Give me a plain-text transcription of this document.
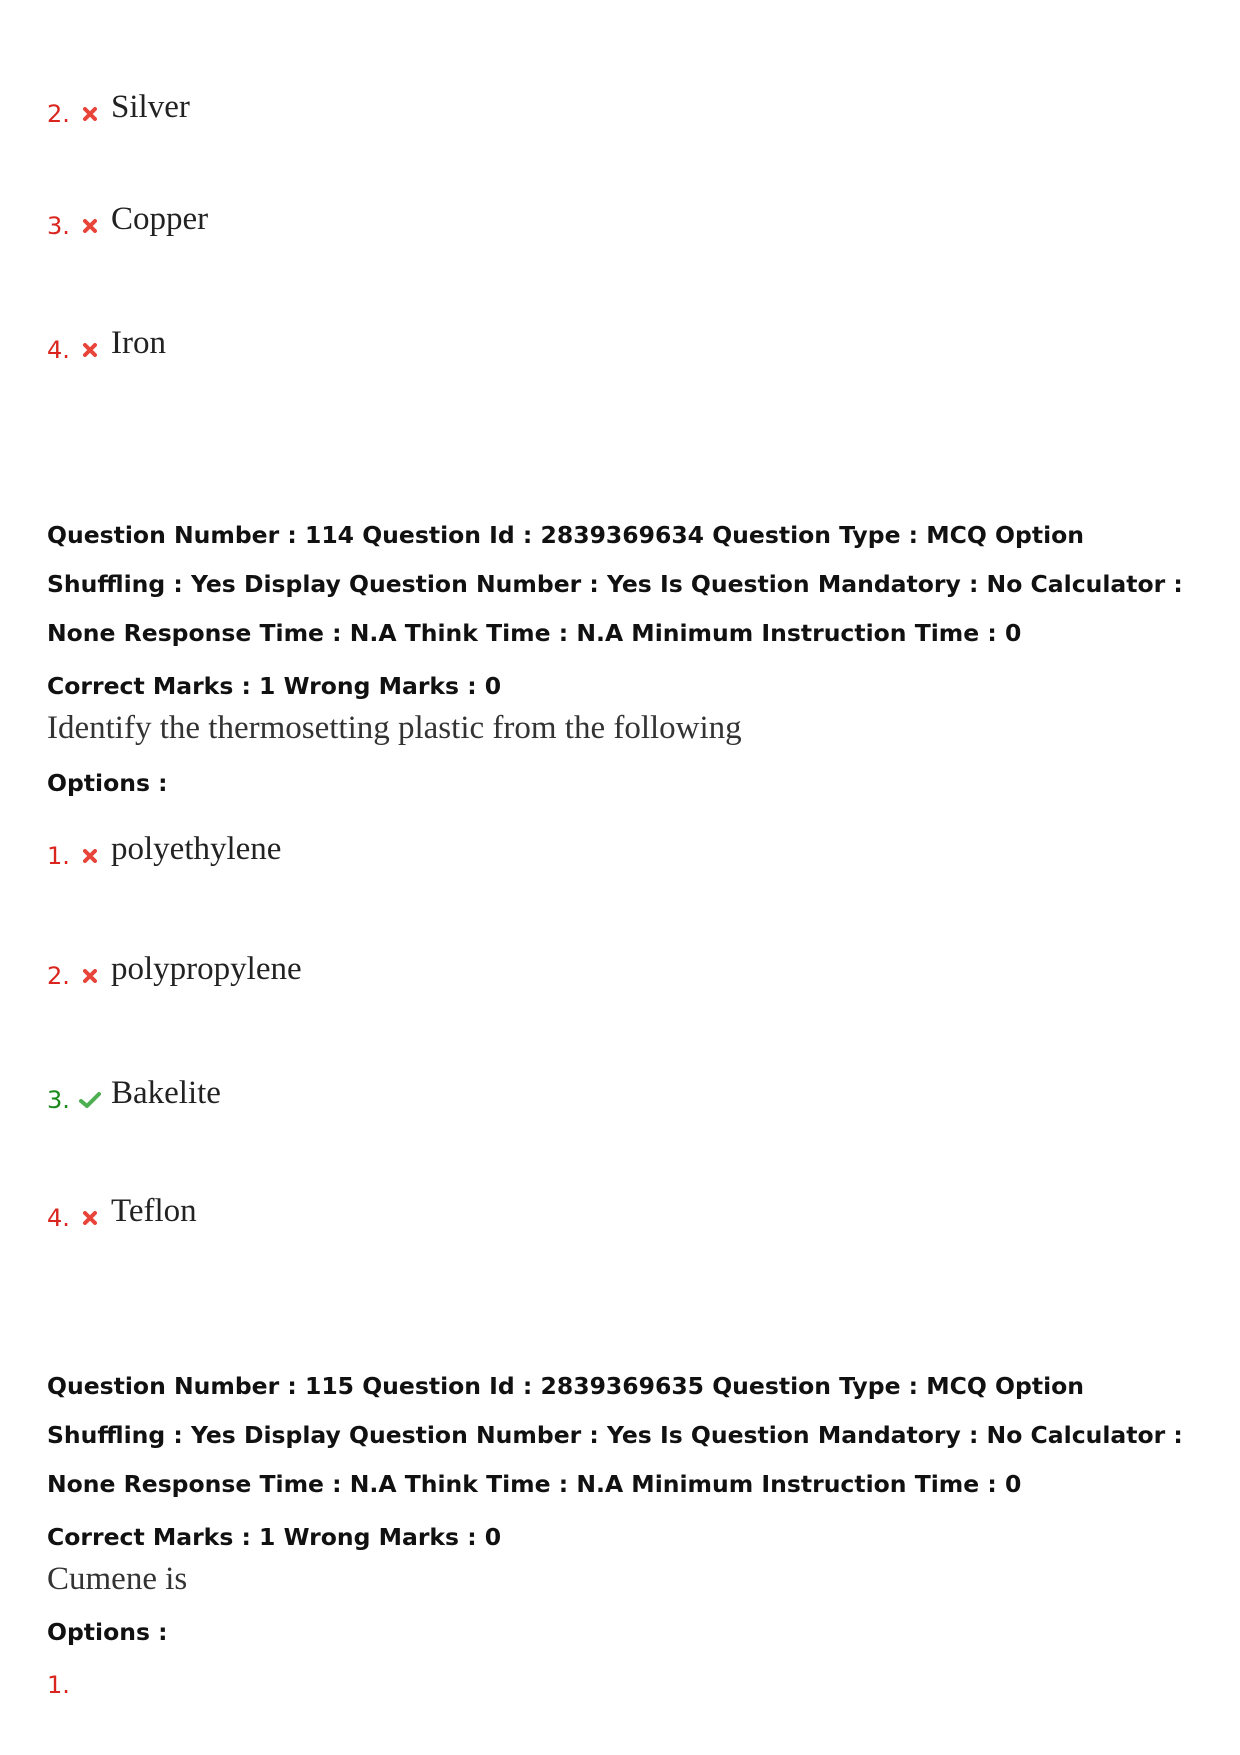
2. Silver
3. Copper
4. Iron
Question Number : 114 Question Id : 2839369634 Question Type : MCQ Option Shuffling : Yes Display Question Number : Yes Is Question Mandatory : No Calculator : None Response Time : N.A Think Time : N.A Minimum Instruction Time : 0
Correct Marks : 1 Wrong Marks : 0
Identify the thermosetting plastic from the following
Options :
1. polyethylene
2. polypropylene
3. Bakelite
4. Teflon
Question Number : 115 Question Id : 2839369635 Question Type : MCQ Option Shuffling : Yes Display Question Number : Yes Is Question Mandatory : No Calculator : None Response Time : N.A Think Time : N.A Minimum Instruction Time : 0
Correct Marks : 1 Wrong Marks : 0
Cumene is
Options :
1.
